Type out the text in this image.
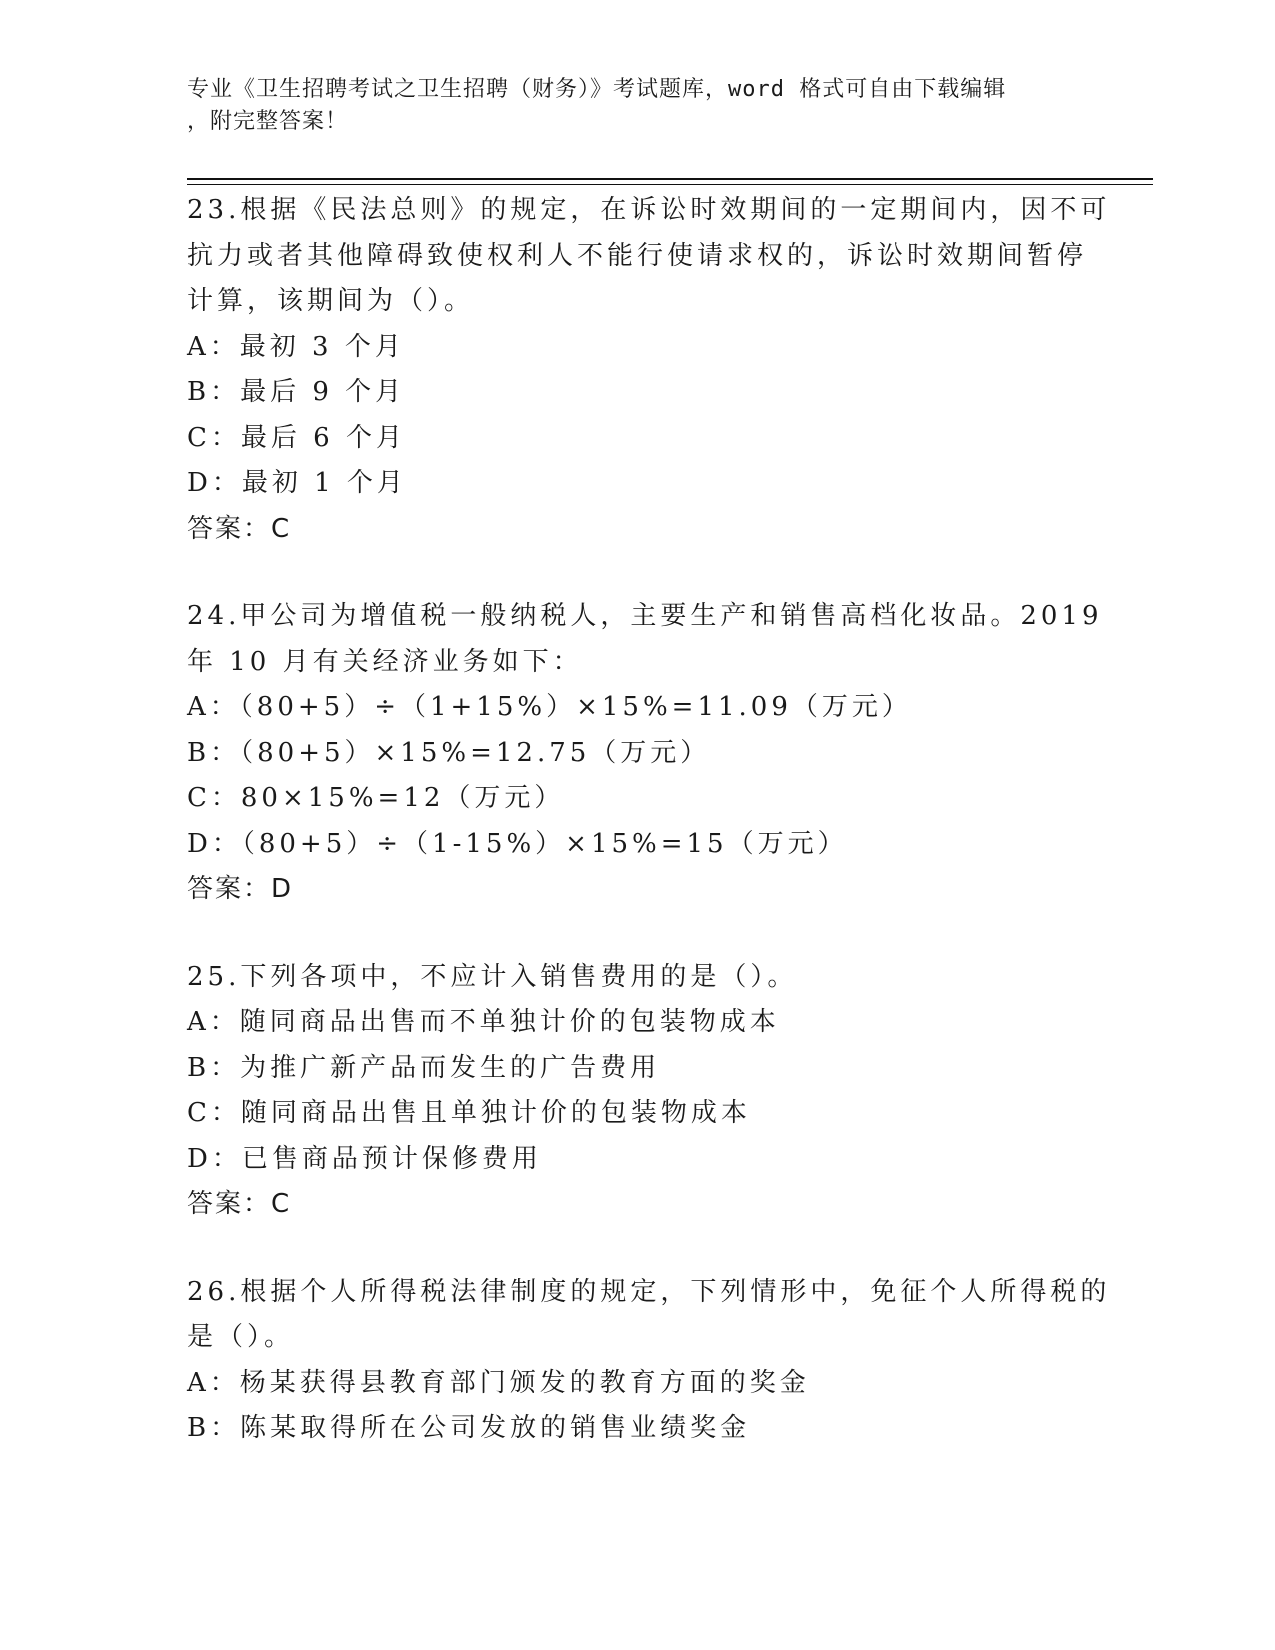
专业《卫生招聘考试之卫生招聘（财务）》考试题库，word 格式可自由下载编辑
，附完整答案！
23.根据《民法总则》的规定，在诉讼时效期间的一定期间内，因不可
抗力或者其他障碍致使权利人不能行使请求权的，诉讼时效期间暂停
计算，该期间为（）。
A：最初 3 个月
B：最后 9 个月
C：最后 6 个月
D：最初 1 个月
答案：C
24.甲公司为增值税一般纳税人，主要生产和销售高档化妆品。2019
年 10 月有关经济业务如下：
A：（80+5）÷（1+15%）×15%=11.09（万元）
B：（80+5）×15%=12.75（万元）
C：80×15%=12（万元）
D：（80+5）÷（1-15%）×15%=15（万元）
答案：D
25.下列各项中，不应计入销售费用的是（）。
A：随同商品出售而不单独计价的包装物成本
B：为推广新产品而发生的广告费用
C：随同商品出售且单独计价的包装物成本
D：已售商品预计保修费用
答案：C
26.根据个人所得税法律制度的规定，下列情形中，免征个人所得税的
是（）。
A：杨某获得县教育部门颁发的教育方面的奖金
B：陈某取得所在公司发放的销售业绩奖金
